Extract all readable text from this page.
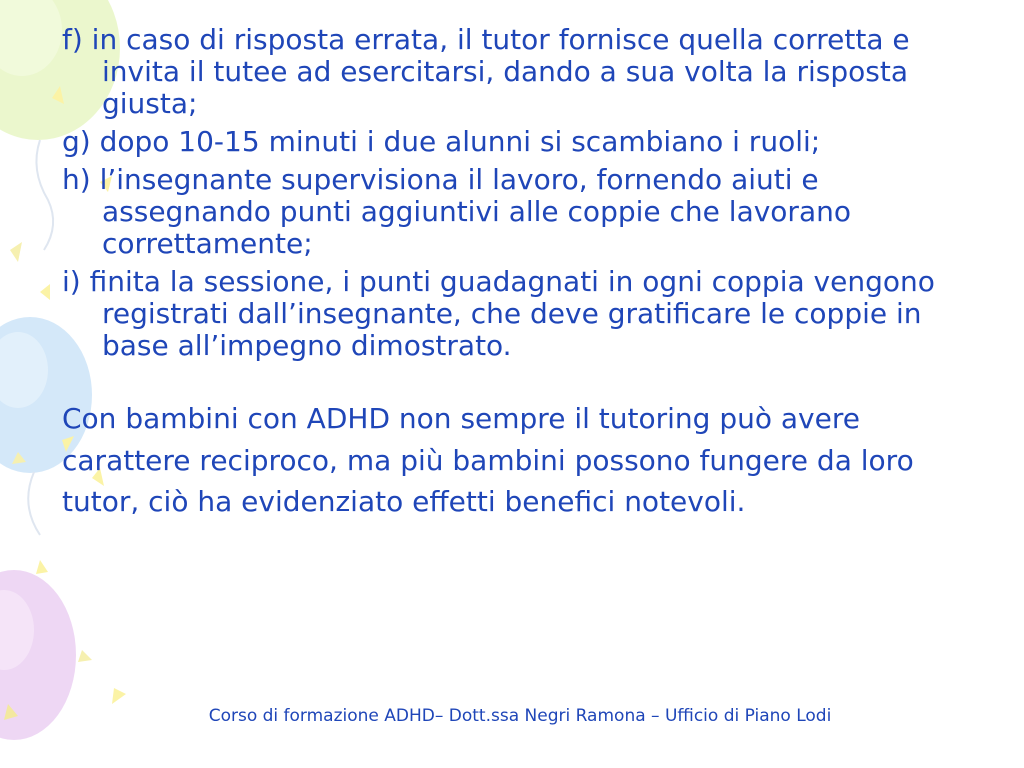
f) in caso di risposta errata, il tutor fornisce quella corretta e invita il tutee ad esercitarsi, dando a sua volta la risposta giusta;
g) dopo 10-15 minuti i due alunni si scambiano i ruoli;
h) l’insegnante supervisiona il lavoro, fornendo aiuti e assegnando punti aggiuntivi alle coppie che lavorano correttamente;
i) finita la sessione, i punti guadagnati in ogni coppia vengono registrati dall’insegnante, che deve gratificare le coppie in base all’impegno dimostrato.
Con bambini con ADHD non sempre il tutoring può avere carattere reciproco, ma più bambini possono fungere da loro tutor, ciò ha evidenziato effetti benefici notevoli.
Corso di formazione ADHD– Dott.ssa Negri Ramona – Ufficio di Piano Lodi
